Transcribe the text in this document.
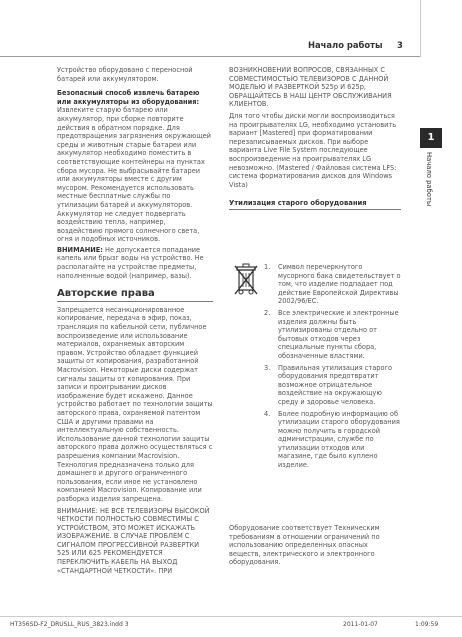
Начало работы 3
1
Начало работы

Устройство оборудовано с переносной батарей или аккумулятором.

Безопасный способ извлечь батарею или аккумуляторы из оборудования:

Извлеките старую батарею или аккумулятор, при сборке повторите действия в обратном порядке. Для предотвращения загрязнения окружающей среды и животным старые батареи или аккумулятор необходимо поместить в соответствующие контейнеры на пунктах сбора мусора. Не выбрасывайте батареи или аккумуляторы вместе с другим мусором. Рекомендуется использовать местные бесплатные службы по утилизации батарей и аккумуляторов. Аккумулятор не следует подвергать воздействию тепла, например, воздействию прямого солнечного света, огня и подобных источников.

ВНИМАНИЕ: Не допускается попадание капель или брызг воды на устройство. Не располагайте на устройстве предметы, наполненные водой (например, вазы).

Авторские права

Запрещается несанкционированное копирование, передача в эфир, показ, трансляция по кабельной сети, публичное воспроизведение или использование материалов, охраняемых авторским правом. Устройство обладает функцией защиты от копирования, разработанной Macrovision. Некоторые диски содержат сигналы защиты от копирования. При записи и проигрывании дисков изображение будет искажено. Данное устройство работает по технологии защиты авторского права, охраняемой патентом США и другими правами на интеллектуальную собственность. Использование данной технологии защиты авторского права должно осуществляться с разрешения компании Macrovision. Технология предназначена только для домашнего и другого ограниченного пользования, если иное не установлено компанией Macrovision. Копирование или разборка изделия запрещена.

ВНИМАНИЕ: НЕ ВСЕ ТЕЛЕВИЗОРЫ ВЫСОКОЙ ЧЕТКОСТИ ПОЛНОСТЬЮ СОВМЕСТИМЫ С УСТРОЙСТВОМ, ЭТО МОЖЕТ ИСКАЖАТЬ ИЗОБРАЖЕНИЕ. В СЛУЧАЕ ПРОБЛЕМ С СИГНАЛОМ ПРОГРЕССИВНОЙ РАЗВЕРТКИ 525 ИЛИ 625 РЕКОМЕНДУЕТСЯ ПЕРЕКЛЮЧИТЬ КАБЕЛЬ НА ВЫХОД «СТАНДАРТНОЙ ЧЕТКОСТИ». ПРИ

ВОЗНИКНОВЕНИИ ВОПРОСОВ, СВЯЗАННЫХ С СОВМЕСТИМОСТЬЮ ТЕЛЕВИЗОРОВ С ДАННОЙ МОДЕЛЬЮ И РАЗВЕРТКОЙ 525p И 625p, ОБРАЩАЙТЕСЬ В НАШ ЦЕНТР ОБСЛУЖИВАНИЯ КЛИЕНТОВ.

Для того чтобы диски могли воспроизводиться на проигрывателях LG, необходимо установить вариант [Mastered] при форматировании перезаписываемых дисков. При выборе варианта Live File System последующее воспроизведение на проигрывателях LG невозможно. (Mastered / Файловая система LFS: система форматирования дисков для Windows Vista)

Утилизация старого оборудования

1. Символ перечеркнутого мусорного бака свидетельствует о том, что изделие подпадает под действие Европейской Директивы 2002/96/EC.
2. Все электрические и электронные изделия должны быть утилизированы отдельно от бытовых отходов через специальные пункты сбора, обозначенные властями.
3. Правильная утилизация старого оборудования предотвратит возможное отрицательное воздействие на окружающую среду и здоровье человека.
4. Более подробную информацию об утилизации старого оборудования можно получить в городской администрации, службе по утилизации отходов или магазине, где было куплено изделие.
Оборудование соответствует Техническим требованиям в отношении ограничений по использованию определенных опасных веществ, электрического и электронного оборудования.
HT356SD-F2_DRUSLL_RUS_3823.indd 3	2011-01-07	1:09:59
